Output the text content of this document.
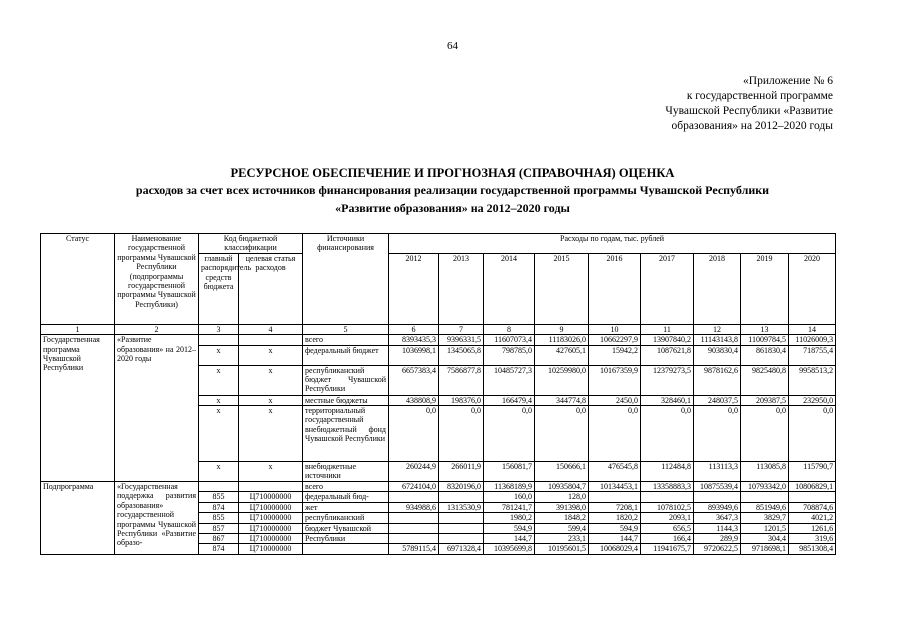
64
«Приложение № 6
к государственной программе
Чувашской Республики «Развитие
образования» на 2012–2020 годы
РЕСУРСНОЕ ОБЕСПЕЧЕНИЕ И ПРОГНОЗНАЯ (СПРАВОЧНАЯ) ОЦЕНКА
расходов за счет всех источников финансирования реализации государственной программы Чувашской Республики
«Развитие образования» на 2012–2020 годы
Статус	Наименование государственной программы Чувашской Республики (подпрограммы государственной программы Чувашской Республики)	Код бюджетной классификации		Источники финансирования	Расходы по годам, тыс. рублей								
		главный распорядитель средств бюджета	целевая статья расходов		2012	2013	2014	2015	2016	2017	2018	2019	2020
1	2	3	4	5	6	7	8	9	10	11	12	13	14
Государственная программа Чувашской Республики	«Развитие образования» на 2012–2020 годы			всего	8393435,3	9396331,5	11607073,4	11183026,0	10662297,9	13907840,2	11143143,8	11009784,5	11026009,3
		x	x	федеральный бюджет	1036998,1	1345065,8	798785,0	427605,1	15942,2	1087621,8	903830,4	861830,4	718755,4
		x	x	республиканский бюджет Чувашской Республики	6657383,4	7586877,8	10485727,3	10259980,0	10167359,9	12379273,5	9878162,6	9825480,8	9958513,2
		x	x	местные бюджеты	438808,9	198376,0	166479,4	344774,8	2450,0	328460,1	248037,5	209387,5	232950,0
		x	x	территориальный государственный внебюджетный фонд Чувашской Республики	0,0	0,0	0,0	0,0	0,0	0,0	0,0	0,0	0,0
		x	x	внебюджетные источники	260244,9	266011,9	156081,7	150666,1	476545,8	112484,8	113113,3	113085,8	115790,7
Подпрограмма	«Государственная поддержка развития образования» государственной программы Чувашской Республики «Развитие образо-			всего	6724104,0	8320196,0	11368189,9	10935804,7	10134453,1	13358883,3	10875539,4	10793342,0	10806829,1
		855	Ц710000000	федеральный бюд-			160,0	128,0					
		874	Ц710000000	жет	934988,6	1313530,9	781241,7	391398,0	7208,1	1078102,5	893949,6	851949,6	708874,6
		855	Ц710000000	республиканский			1980,2	1848,2	1820,2	2093,1	3647,3	3829,7	4021,2
		857	Ц710000000	бюджет Чувашской			594,9	599,4	594,9	656,5	1144,3	1201,5	1261,6
		867	Ц710000000	Республики			144,7	233,1	144,7	166,4	289,9	304,4	319,6
		874	Ц710000000		5789115,4	6971328,4	10395699,8	10195601,5	10068029,4	11941675,7	9720622,5	9718698,1	9851308,4
